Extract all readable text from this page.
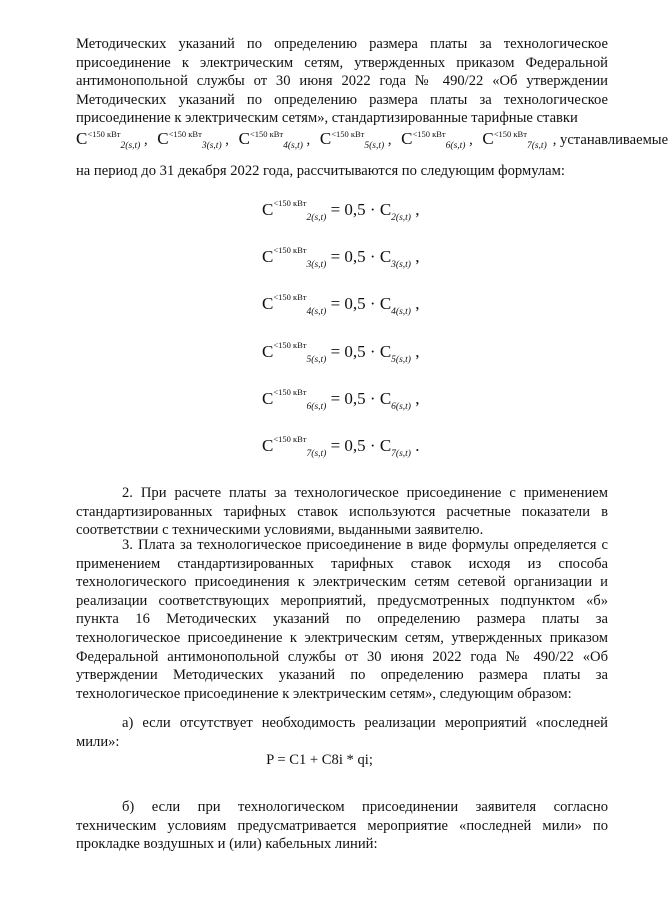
Методических указаний по определению размера платы за технологическое присоединение к электрическим сетям, утвержденных приказом Федеральной антимонопольной службы от 30 июня 2022 года № 490/22 «Об утверждении Методических указаний по определению размера платы за технологическое присоединение к электрическим сетям», стандартизированные тарифные ставки

$C^{<150 кВт}_{2(s,t)}$ , $C^{<150 кВт}_{3(s,t)}$ , $C^{<150 кВт}_{4(s,t)}$ , $C^{<150 кВт}_{5(s,t)}$ , $C^{<150 кВт}_{6(s,t)}$ , $C^{<150 кВт}_{7(s,t)}$ , устанавливаемые

на период до 31 декабря 2022 года, рассчитываются по следующим формулам:

$C^{<150 кВт}_{2(s,t)} = 0,5 \cdot C_{2(s,t)}$ ,
$C^{<150 кВт}_{3(s,t)} = 0,5 \cdot C_{3(s,t)}$ ,
$C^{<150 кВт}_{4(s,t)} = 0,5 \cdot C_{4(s,t)}$ ,
$C^{<150 кВт}_{5(s,t)} = 0,5 \cdot C_{5(s,t)}$ ,
$C^{<150 кВт}_{6(s,t)} = 0,5 \cdot C_{6(s,t)}$ ,
$C^{<150 кВт}_{7(s,t)} = 0,5 \cdot C_{7(s,t)}$ .

2. При расчете платы за технологическое присоединение с применением стандартизированных тарифных ставок используются расчетные показатели в соответствии с техническими условиями, выданными заявителю.

3. Плата за технологическое присоединение в виде формулы определяется с применением стандартизированных тарифных ставок исходя из способа технологического присоединения к электрическим сетям сетевой организации и реализации соответствующих мероприятий, предусмотренных подпунктом «б» пункта 16 Методических указаний по определению размера платы за технологическое присоединение к электрическим сетям, утвержденных приказом Федеральной антимонопольной службы от 30 июня 2022 года № 490/22 «Об утверждении Методических указаний по определению размера платы за технологическое присоединение к электрическим сетям», следующим образом:

а) если отсутствует необходимость реализации мероприятий «последней мили»:

P = C1 + C8i * qi;

б) если при технологическом присоединении заявителя согласно техническим условиям предусматривается мероприятие «последней мили» по прокладке воздушных и (или) кабельных линий:
